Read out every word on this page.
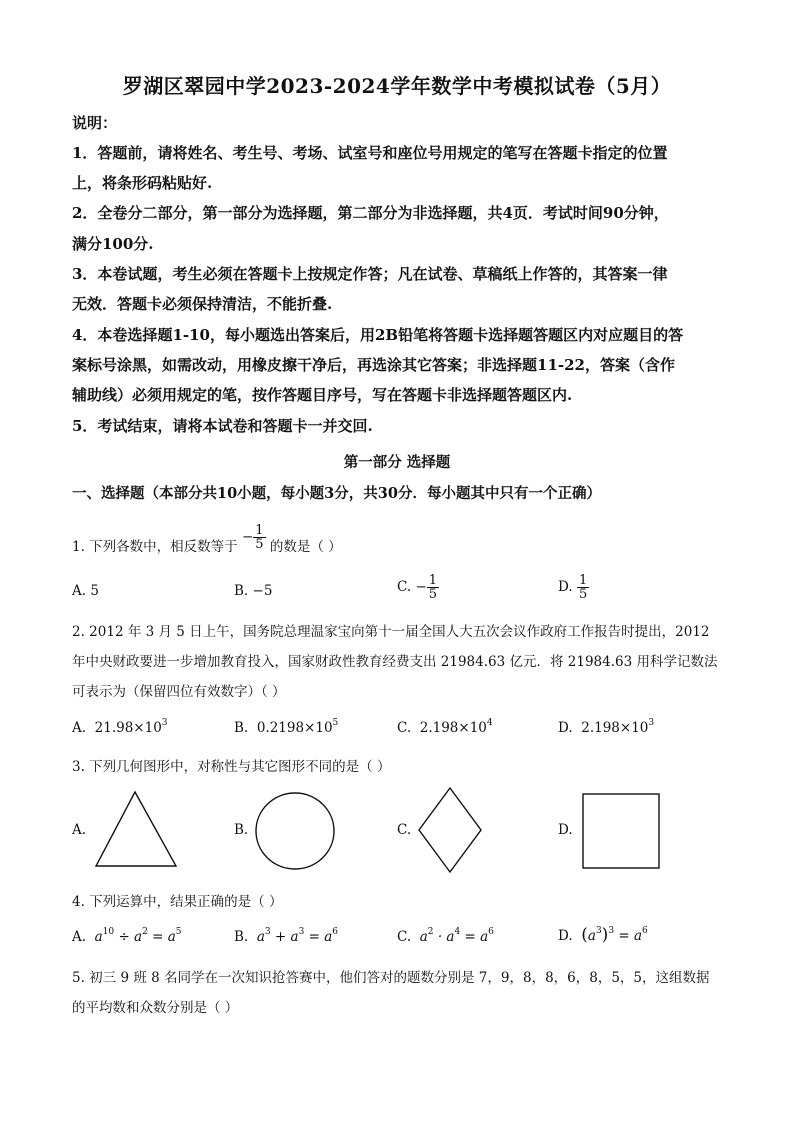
罗湖区翠园中学2023-2024学年数学中考模拟试卷（5月）
说明：
1．答题前，请将姓名、考生号、考场、试室号和座位号用规定的笔写在答题卡指定的位置
上，将条形码粘贴好.
2．全卷分二部分，第一部分为选择题，第二部分为非选择题，共4页．考试时间90分钟，
满分100分.
3．本卷试题，考生必须在答题卡上按规定作答；凡在试卷、草稿纸上作答的，其答案一律
无效．答题卡必须保持清洁，不能折叠.
4．本卷选择题1-10，每小题选出答案后，用2B铅笔将答题卡选择题答题区内对应题目的答
案标号涂黑，如需改动，用橡皮擦干净后，再选涂其它答案；非选择题11-22，答案（含作
辅助线）必须用规定的笔，按作答题目序号，写在答题卡非选择题答题区内.
5．考试结束，请将本试卷和答题卡一并交回.
第一部分 选择题
一、选择题（本部分共10小题，每小题3分，共30分．每小题其中只有一个正确）
1. 下列各数中，相反数等于 − $\frac{1}{5}$ 的数是（ ）
A. 5	B. −5	C. − $\frac{1}{5}$	D. $\frac{1}{5}$
2. 2012 年 3 月 5 日上午，国务院总理温家宝向第十一届全国人大五次会议作政府工作报告时提出，2012
年中央财政要进一步增加教育投入，国家财政性教育经费支出 21984.63 亿元．将 21984.63 用科学记数法
可表示为（保留四位有效数字）（ ）
A. $21.98\times 10^3$	B. $0.2198\times 10^5$	C. $2.198\times 10^4$	D. $2.198\times 10^3$
3. 下列几何图形中，对称性与其它图形不同的是（ ）
A.	B.	C.	D.
4. 下列运算中，结果正确的是（ ）
A. $a^{10} \div a^2 = a^5$	B. $a^3 + a^3 = a^6$	C. $a^2 \cdot a^4 = a^6$	D. $(a^3)^3 = a^6$
5. 初三 9 班 8 名同学在一次知识抢答赛中，他们答对的题数分别是 7，9，8，8，6，8，5，5，这组数据
的平均数和众数分别是（ ）
